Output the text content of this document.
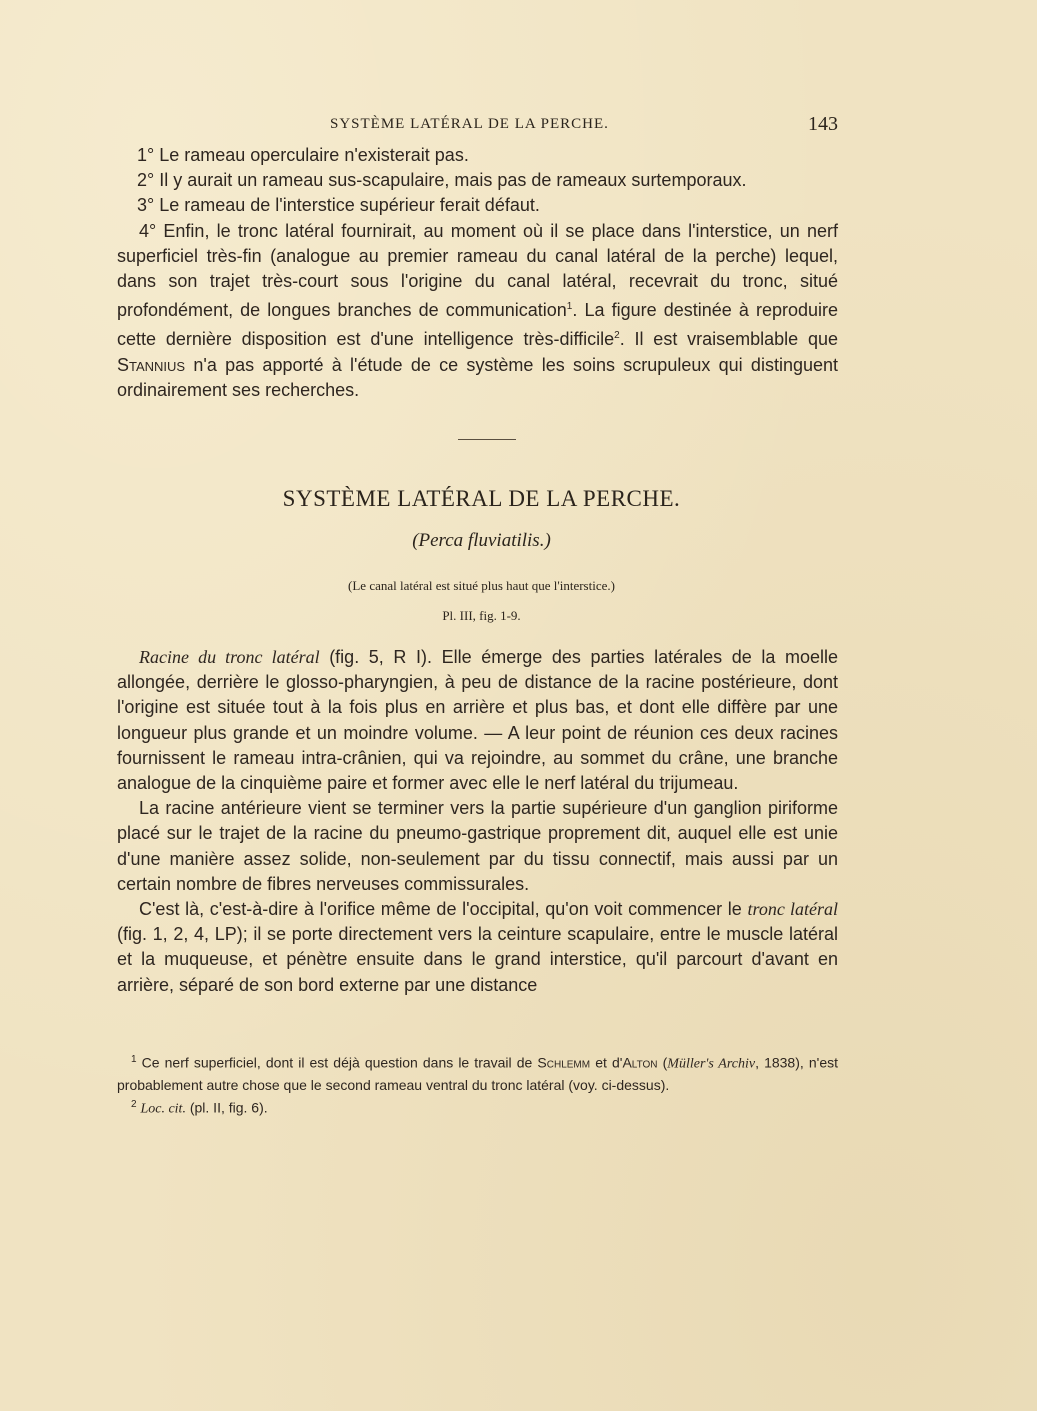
SYSTÈME LATÉRAL DE LA PERCHE.	143

1° Le rameau operculaire n'existerait pas.

2° Il y aurait un rameau sus-scapulaire, mais pas de rameaux surtemporaux.

3° Le rameau de l'interstice supérieur ferait défaut.

4° Enfin, le tronc latéral fournirait, au moment où il se place dans l'interstice, un nerf superficiel très-fin (analogue au premier rameau du canal latéral de la perche) lequel, dans son trajet très-court sous l'origine du canal latéral, recevrait du tronc, situé profondément, de longues branches de communication$^1$. La figure destinée à reproduire cette dernière disposition est d'une intelligence très-difficile$^2$. Il est vraisemblable que Stannius n'a pas apporté à l'étude de ce système les soins scrupuleux qui distinguent ordinairement ses recherches.

SYSTÈME LATÉRAL DE LA PERCHE.
(Perca fluviatilis.)
(Le canal latéral est situé plus haut que l'interstice.)
Pl. III, fig. 1-9.

Racine du tronc latéral (fig. 5, R I). Elle émerge des parties latérales de la moelle allongée, derrière le glosso-pharyngien, à peu de distance de la racine postérieure, dont l'origine est située tout à la fois plus en arrière et plus bas, et dont elle diffère par une longueur plus grande et un moindre volume. — A leur point de réunion ces deux racines fournissent le rameau intra-crânien, qui va rejoindre, au sommet du crâne, une branche analogue de la cinquième paire et former avec elle le nerf latéral du trijumeau.

La racine antérieure vient se terminer vers la partie supérieure d'un ganglion piriforme placé sur le trajet de la racine du pneumo-gastrique proprement dit, auquel elle est unie d'une manière assez solide, non-seulement par du tissu connectif, mais aussi par un certain nombre de fibres nerveuses commissurales.

C'est là, c'est-à-dire à l'orifice même de l'occipital, qu'on voit commencer le tronc latéral (fig. 1, 2, 4, LP); il se porte directement vers la ceinture scapulaire, entre le muscle latéral et la muqueuse, et pénètre ensuite dans le grand interstice, qu'il parcourt d'avant en arrière, séparé de son bord externe par une distance

$^1$ Ce nerf superficiel, dont il est déjà question dans le travail de Schlemm et d'Alton (Müller's Archiv, 1838), n'est probablement autre chose que le second rameau ventral du tronc latéral (voy. ci-dessus).

$^2$ Loc. cit. (pl. II, fig. 6).
